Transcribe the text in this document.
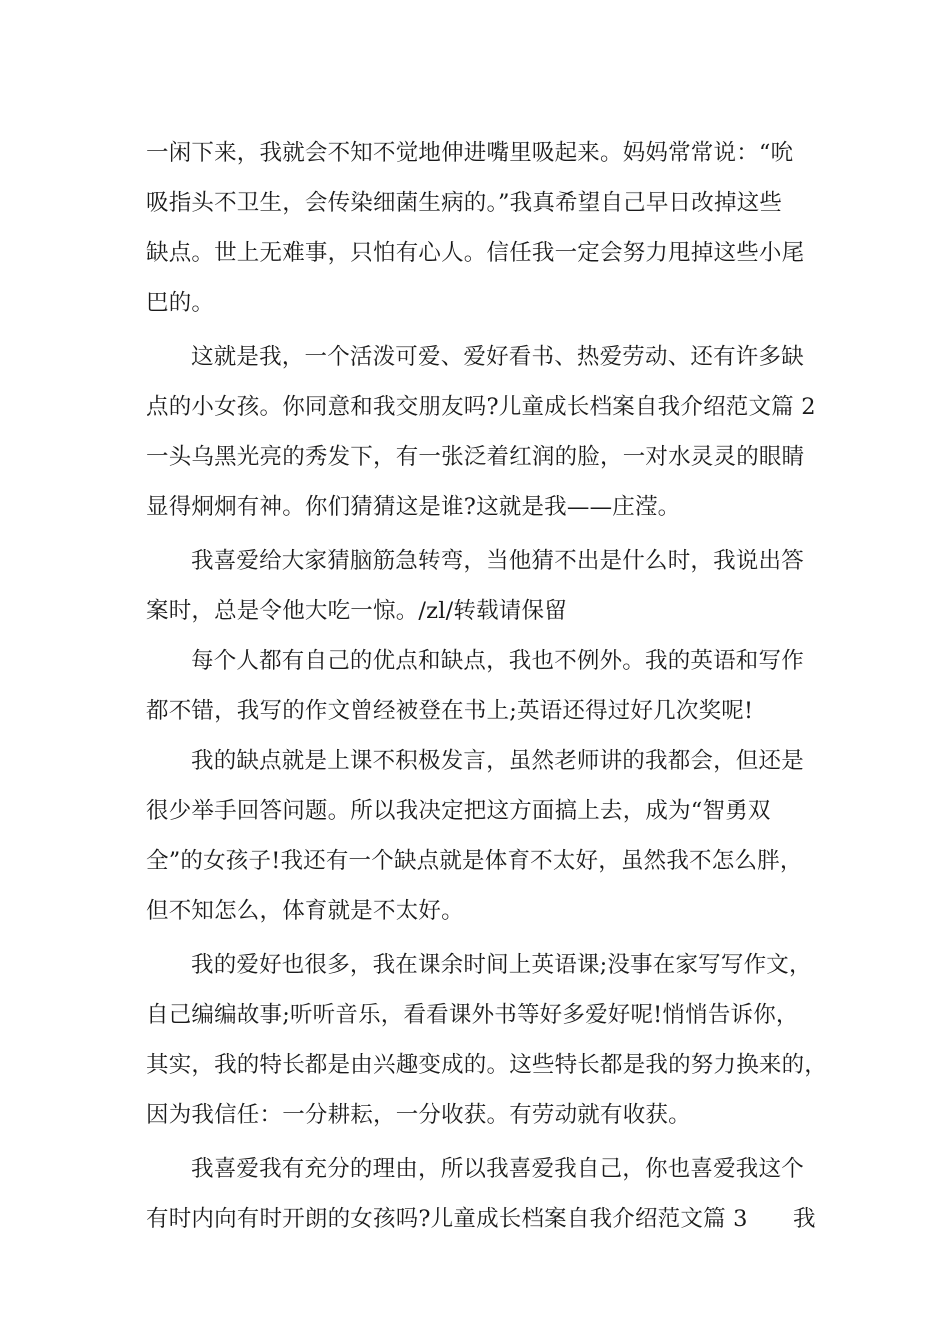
一闲下来，我就会不知不觉地伸进嘴里吸起来。妈妈常常说：“吮
吸指头不卫生，会传染细菌生病的。”我真希望自己早日改掉这些
缺点。世上无难事，只怕有心人。信任我一定会努力甩掉这些小尾
巴的。
这就是我，一个活泼可爱、爱好看书、热爱劳动、还有许多缺
点的小女孩。你同意和我交朋友吗?儿童成长档案自我介绍范文篇 2
一头乌黑光亮的秀发下，有一张泛着红润的脸，一对水灵灵的眼睛
显得炯炯有神。你们猜猜这是谁?这就是我——庄滢。
我喜爱给大家猜脑筋急转弯，当他猜不出是什么时，我说出答
案时，总是令他大吃一惊。/zl/转载请保留
每个人都有自己的优点和缺点，我也不例外。我的英语和写作
都不错，我写的作文曾经被登在书上;英语还得过好几次奖呢!
我的缺点就是上课不积极发言，虽然老师讲的我都会，但还是
很少举手回答问题。所以我决定把这方面搞上去，成为“智勇双
全”的女孩子!我还有一个缺点就是体育不太好，虽然我不怎么胖，
但不知怎么，体育就是不太好。
我的爱好也很多，我在课余时间上英语课;没事在家写写作文，
自己编编故事;听听音乐，看看课外书等好多爱好呢!悄悄告诉你，
其实，我的特长都是由兴趣变成的。这些特长都是我的努力换来的，
因为我信任：一分耕耘，一分收获。有劳动就有收获。
我喜爱我有充分的理由，所以我喜爱我自己，你也喜爱我这个
有时内向有时开朗的女孩吗?儿童成长档案自我介绍范文篇 3　　我
